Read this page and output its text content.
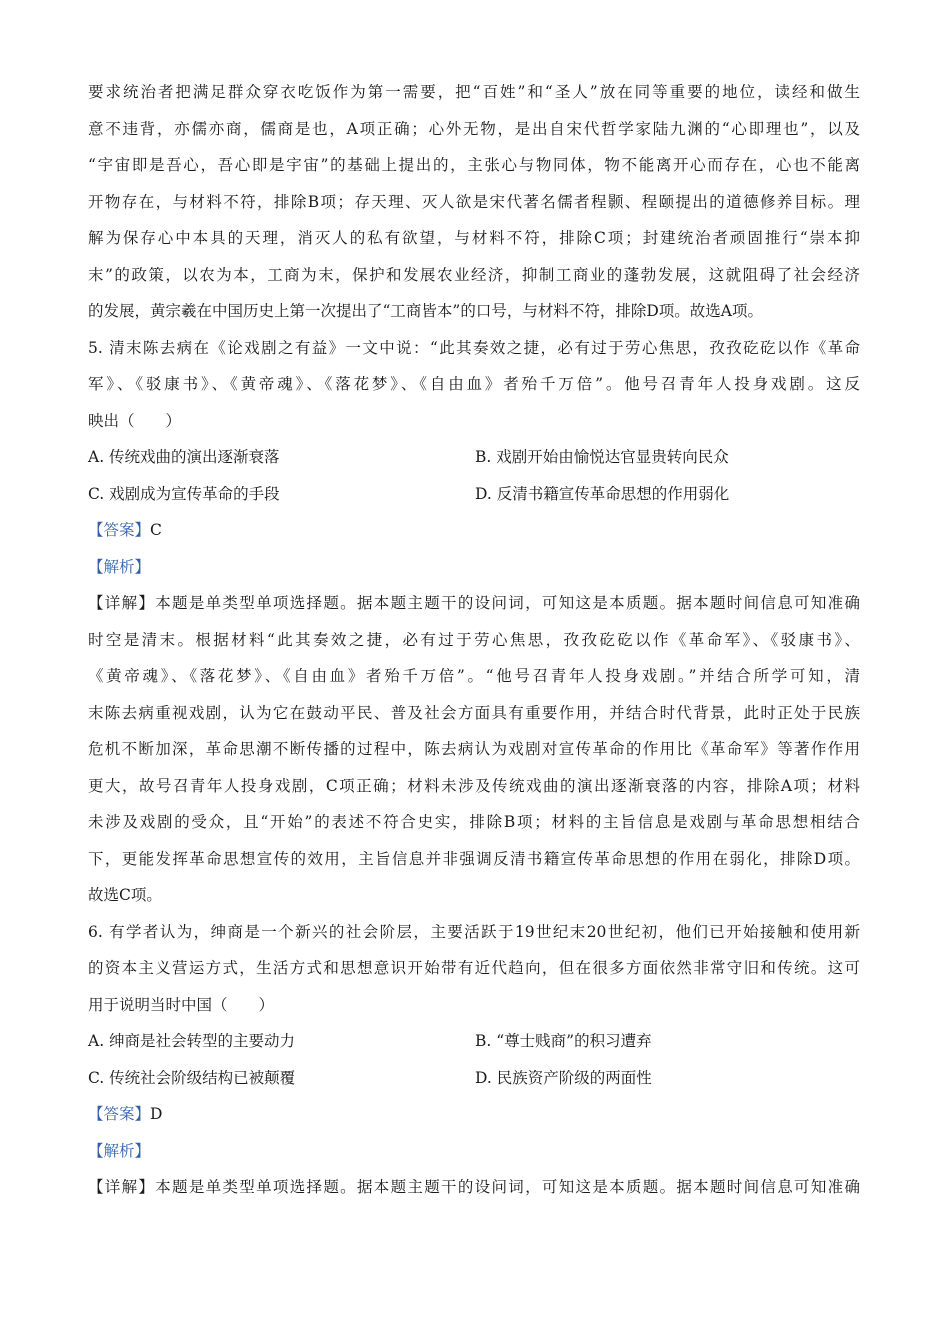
要求统治者把满足群众穿衣吃饭作为第一需要，把“百姓”和“圣人”放在同等重要的地位，读经和做生
意不违背，亦儒亦商，儒商是也，A项正确；心外无物，是出自宋代哲学家陆九渊的“心即理也”，以及
“宇宙即是吾心，吾心即是宇宙”的基础上提出的，主张心与物同体，物不能离开心而存在，心也不能离
开物存在，与材料不符，排除B项；存天理、灭人欲是宋代著名儒者程颢、程颐提出的道德修养目标。理
解为保存心中本具的天理，消灭人的私有欲望，与材料不符，排除C项；封建统治者顽固推行“崇本抑
末”的政策，以农为本，工商为末，保护和发展农业经济，抑制工商业的蓬勃发展，这就阻碍了社会经济
的发展，黄宗羲在中国历史上第一次提出了“工商皆本”的口号，与材料不符，排除D项。故选A项。
5. 清末陈去病在《论戏剧之有益》一文中说：“此其奏效之捷，必有过于劳心焦思，孜孜矻矻以作《革命
军》、《驳康书》、《黄帝魂》、《落花梦》、《自由血》者殆千万倍”。他号召青年人投身戏剧。这反
映出（　　）
A. 传统戏曲的演出逐渐衰落	B. 戏剧开始由愉悦达官显贵转向民众
C. 戏剧成为宣传革命的手段	D. 反清书籍宣传革命思想的作用弱化
【答案】C
【解析】
【详解】本题是单类型单项选择题。据本题主题干的设问词，可知这是本质题。据本题时间信息可知准确
时空是清末。根据材料“此其奏效之捷，必有过于劳心焦思，孜孜矻矻以作《革命军》、《驳康书》、
《黄帝魂》、《落花梦》、《自由血》者殆千万倍”。“他号召青年人投身戏剧。”并结合所学可知，清
末陈去病重视戏剧，认为它在鼓动平民、普及社会方面具有重要作用，并结合时代背景，此时正处于民族
危机不断加深，革命思潮不断传播的过程中，陈去病认为戏剧对宣传革命的作用比《革命军》等著作作用
更大，故号召青年人投身戏剧，C项正确；材料未涉及传统戏曲的演出逐渐衰落的内容，排除A项；材料
未涉及戏剧的受众，且“开始”的表述不符合史实，排除B项；材料的主旨信息是戏剧与革命思想相结合
下，更能发挥革命思想宣传的效用，主旨信息并非强调反清书籍宣传革命思想的作用在弱化，排除D项。
故选C项。
6. 有学者认为，绅商是一个新兴的社会阶层，主要活跃于19世纪末20世纪初，他们已开始接触和使用新
的资本主义营运方式，生活方式和思想意识开始带有近代趋向，但在很多方面依然非常守旧和传统。这可
用于说明当时中国（　　）
A. 绅商是社会转型的主要动力	B. “尊士贱商”的积习遭弃
C. 传统社会阶级结构已被颠覆	D. 民族资产阶级的两面性
【答案】D
【解析】
【详解】本题是单类型单项选择题。据本题主题干的设问词，可知这是本质题。据本题时间信息可知准确
